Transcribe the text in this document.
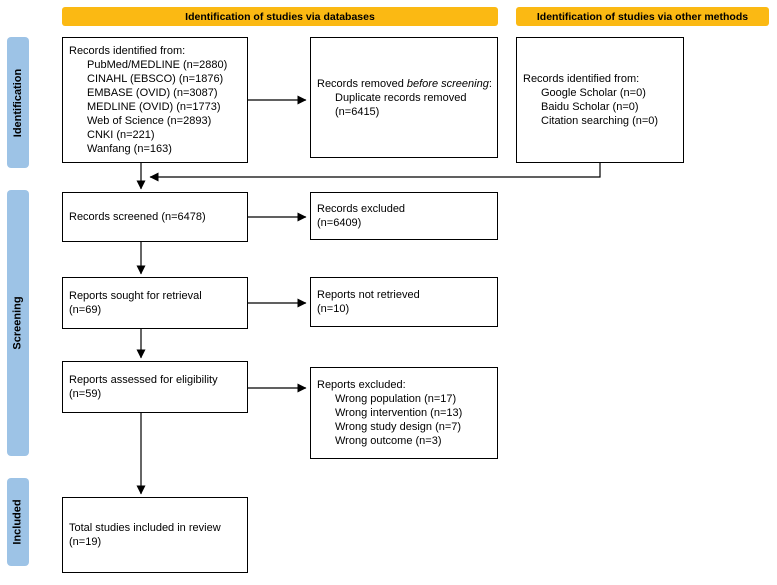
Identification of studies via databases	Identification of studies via other methods
Identification
Screening
Included
Records identified from:
PubMed/MEDLINE (n=2880)
CINAHL (EBSCO) (n=1876)
EMBASE (OVID) (n=3087)
MEDLINE (OVID) (n=1773)
Web of Science (n=2893)
CNKI (n=221)
Wanfang (n=163)
Records removed before screening:
Duplicate records removed (n=6415)
Records identified from:
Google Scholar (n=0)
Baidu Scholar (n=0)
Citation searching (n=0)
Records screened (n=6478)
Records excluded
(n=6409)
Reports sought for retrieval
(n=69)
Reports not retrieved
(n=10)
Reports assessed for eligibility
(n=59)
Reports excluded:
Wrong population (n=17)
Wrong intervention (n=13)
Wrong study design (n=7)
Wrong outcome (n=3)
Total studies included in review
(n=19)
